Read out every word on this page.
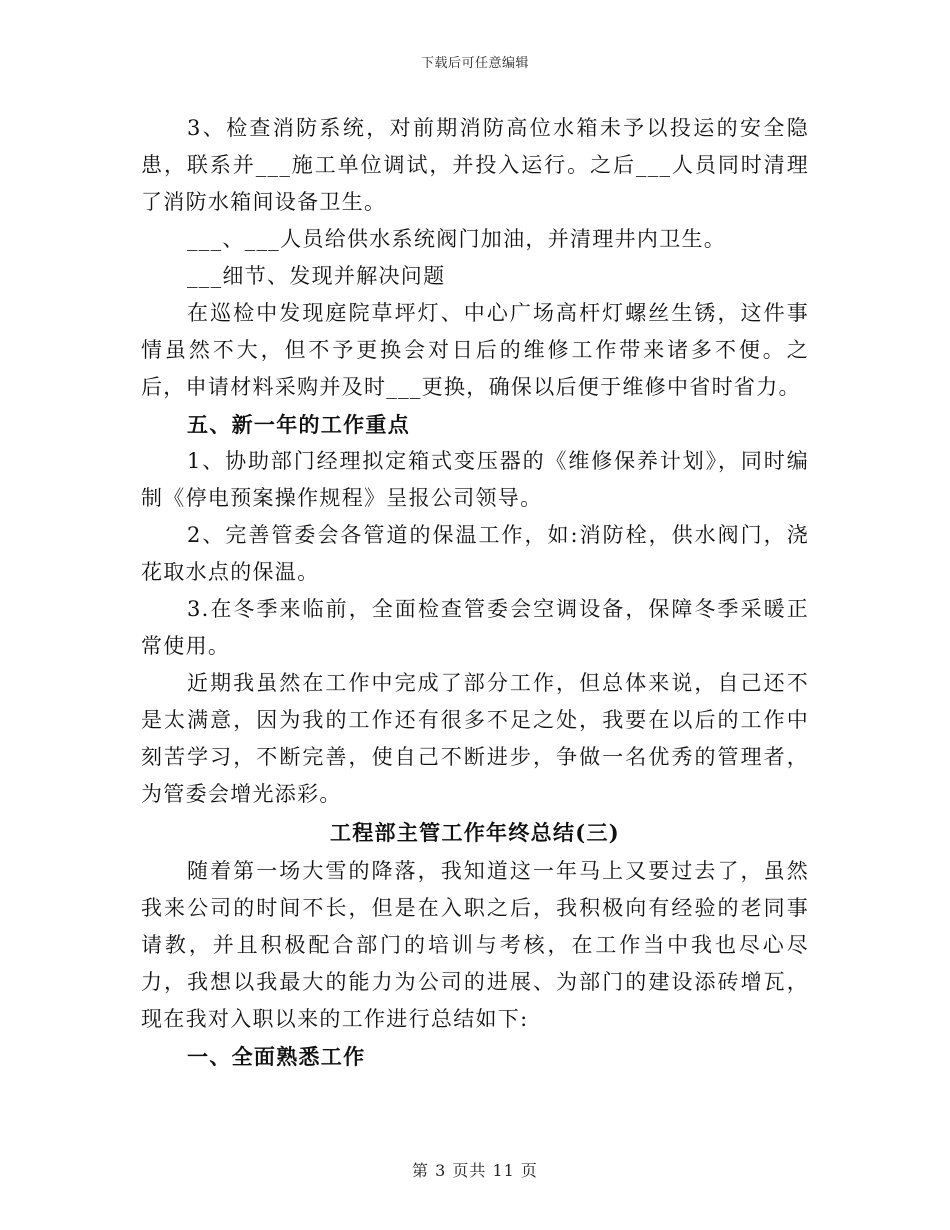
下载后可任意编辑

3、检查消防系统，对前期消防高位水箱未予以投运的安全隐患，联系并___施工单位调试，并投入运行。之后___人员同时清理了消防水箱间设备卫生。

___、___人员给供水系统阀门加油，并清理井内卫生。

___细节、发现并解决问题

在巡检中发现庭院草坪灯、中心广场高杆灯螺丝生锈，这件事情虽然不大，但不予更换会对日后的维修工作带来诸多不便。之后，申请材料采购并及时___更换，确保以后便于维修中省时省力。

五、新一年的工作重点

1、协助部门经理拟定箱式变压器的《维修保养计划》，同时编制《停电预案操作规程》呈报公司领导。

2、完善管委会各管道的保温工作，如:消防栓，供水阀门，浇花取水点的保温。

3.在冬季来临前，全面检查管委会空调设备，保障冬季采暖正常使用。

近期我虽然在工作中完成了部分工作，但总体来说，自己还不是太满意，因为我的工作还有很多不足之处，我要在以后的工作中刻苦学习，不断完善，使自己不断进步，争做一名优秀的管理者，为管委会增光添彩。

工程部主管工作年终总结(三)

随着第一场大雪的降落，我知道这一年马上又要过去了，虽然我来公司的时间不长，但是在入职之后，我积极向有经验的老同事请教，并且积极配合部门的培训与考核，在工作当中我也尽心尽力，我想以我最大的能力为公司的进展、为部门的建设添砖增瓦，现在我对入职以来的工作进行总结如下:

一、全面熟悉工作

第 3 页共 11 页
